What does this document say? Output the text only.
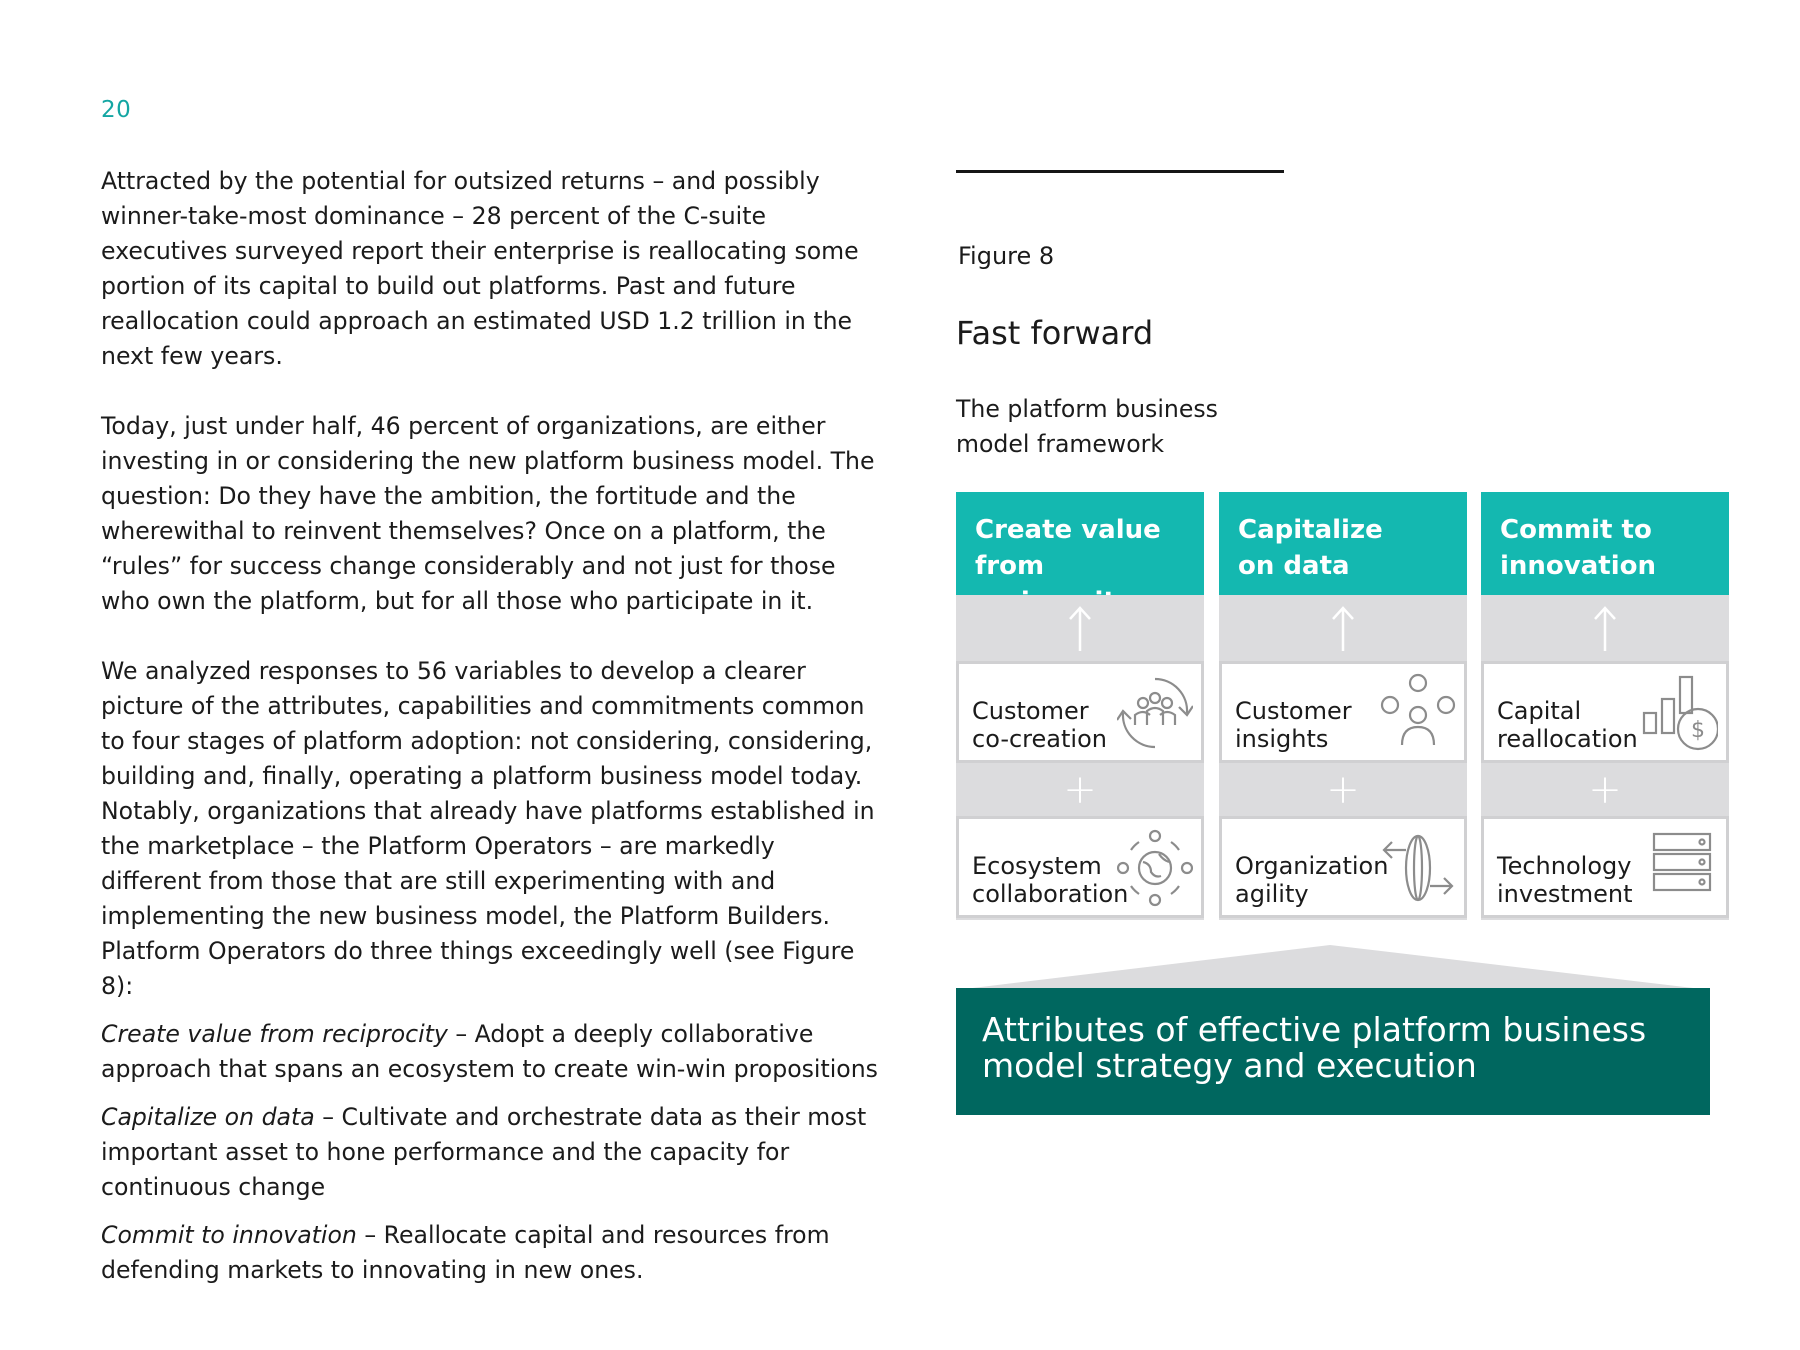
20

Attracted by the potential for outsized returns – and possibly winner-take-most dominance – 28 percent of the C-suite executives surveyed report their enterprise is reallocating some portion of its capital to build out platforms. Past and future reallocation could approach an estimated USD 1.2 trillion in the next few years.

Today, just under half, 46 percent of organizations, are either investing in or considering the new platform business model. The question: Do they have the ambition, the fortitude and the wherewithal to reinvent themselves? Once on a platform, the “rules” for success change considerably and not just for those who own the platform, but for all those who participate in it.

We analyzed responses to 56 variables to develop a clearer picture of the attributes, capabilities and commitments common to four stages of platform adoption: not considering, considering, building and, finally, operating a platform business model today. Notably, organizations that already have platforms established in the marketplace – the Platform Operators – are markedly different from those that are still experimenting with and implementing the new business model, the Platform Builders. Platform Operators do three things exceedingly well (see Figure 8):

Create value from reciprocity – Adopt a deeply collaborative approach that spans an ecosystem to create win-win propositions

Capitalize on data – Cultivate and orchestrate data as their most important asset to hone performance and the capacity for continuous change

Commit to innovation – Reallocate capital and resources from defending markets to innovating in new ones.

Figure 8
Fast forward
The platform business model framework
Create value
from
Customer
co-creation
+
Ecosystem
collaboration
Capitalize
on data
Customer
insights
+
Organization
agility
Commit to
innovation
Capital
reallocation $
+
Technology
investment
Attributes of effective platform business
model strategy and execution
